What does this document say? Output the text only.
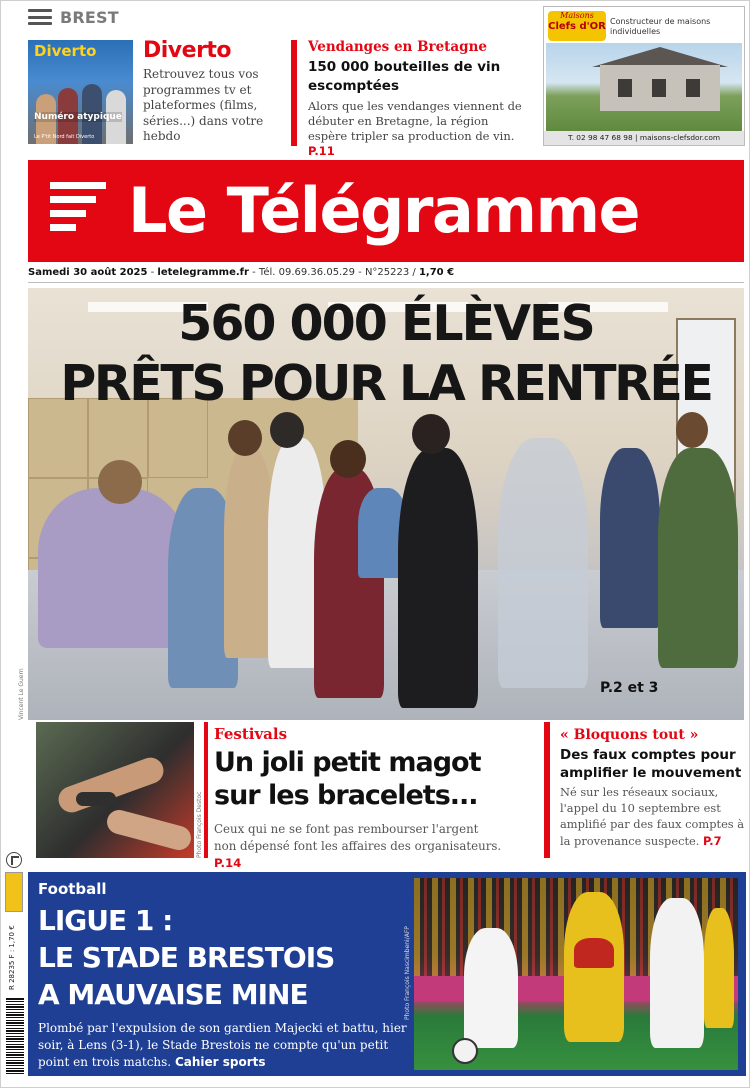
BREST
Diverto
Numéro atypique
Le P'tit Nord fait Diverto
Diverto
Retrouvez tous vos programmes tv et plateformes (films, séries...) dans votre hebdo
Vendanges en Bretagne
150 000 bouteilles de vin escomptées
Alors que les vendanges viennent de débuter en Bretagne, la région espère tripler sa production de vin. P.11
Maisons
Clefs d'OR Constructeur de maisons individuelles
T. 02 98 47 68 98 | maisons-clefsdor.com
Le Télégramme
Samedi 30 août 2025 - letelegramme.fr - Tél. 09.69.36.05.29 - N°25223 / 1,70 €
560 000 ÉLÈVES
PRÊTS POUR LA RENTRÉE
P.2 et 3
Vincent Le Guern
Photo François Destoc
Festivals
Un joli petit magot sur les bracelets...
Ceux qui ne se font pas rembourser l'argent non dépensé font les affaires des organisateurs. P.14
« Bloquons tout »
Des faux comptes pour amplifier le mouvement
Né sur les réseaux sociaux, l'appel du 10 septembre est amplifié par des faux comptes à la provenance suspecte. P.7
R 28235 F : 1,70 €
Football
LIGUE 1 :
LE STADE BRESTOIS
A MAUVAISE MINE
Plombé par l'expulsion de son gardien Majecki et battu, hier soir, à Lens (3-1), le Stade Brestois ne compte qu'un petit point en trois matchs. Cahier sports
Photo François Nascimbeni/AFP
